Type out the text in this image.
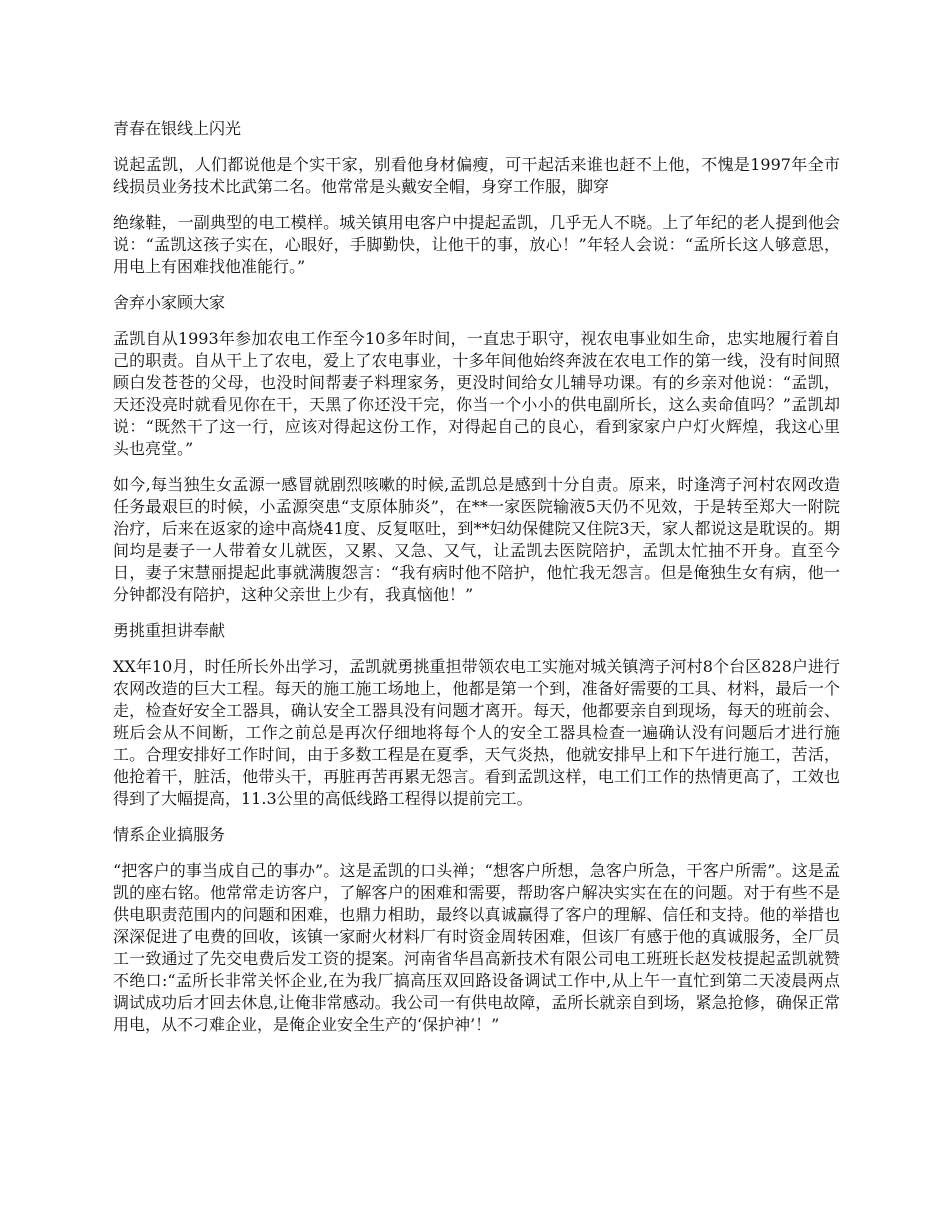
青春在银线上闪光
说起孟凯，人们都说他是个实干家，别看他身材偏瘦，可干起活来谁也赶不上他，不愧是1997年全市线损员业务技术比武第二名。他常常是头戴安全帽，身穿工作服，脚穿
绝缘鞋，一副典型的电工模样。城关镇用电客户中提起孟凯，几乎无人不晓。上了年纪的老人提到他会说：“孟凯这孩子实在，心眼好，手脚勤快，让他干的事，放心！”年轻人会说：“孟所长这人够意思，用电上有困难找他准能行。”
舍弃小家顾大家
孟凯自从1993年参加农电工作至今10多年时间，一直忠于职守，视农电事业如生命，忠实地履行着自己的职责。自从干上了农电，爱上了农电事业，十多年间他始终奔波在农电工作的第一线，没有时间照顾白发苍苍的父母，也没时间帮妻子料理家务，更没时间给女儿辅导功课。有的乡亲对他说：“孟凯，天还没亮时就看见你在干，天黑了你还没干完，你当一个小小的供电副所长，这么卖命值吗？”孟凯却说：“既然干了这一行，应该对得起这份工作，对得起自己的良心，看到家家户户灯火辉煌，我这心里头也亮堂。”
如今,每当独生女孟源一感冒就剧烈咳嗽的时候,孟凯总是感到十分自责。原来，时逢湾子河村农网改造任务最艰巨的时候，小孟源突患“支原体肺炎”，在**一家医院输液5天仍不见效，于是转至郑大一附院治疗，后来在返家的途中高烧41度、反复呕吐，到**妇幼保健院又住院3天，家人都说这是耽误的。期间均是妻子一人带着女儿就医，又累、又急、又气，让孟凯去医院陪护，孟凯太忙抽不开身。直至今日，妻子宋慧丽提起此事就满腹怨言：“我有病时他不陪护，他忙我无怨言。但是俺独生女有病，他一分钟都没有陪护，这种父亲世上少有，我真恼他！”
勇挑重担讲奉献
XX年10月，时任所长外出学习，孟凯就勇挑重担带领农电工实施对城关镇湾子河村8个台区828户进行农网改造的巨大工程。每天的施工施工场地上，他都是第一个到，准备好需要的工具、材料，最后一个走，检查好安全工器具，确认安全工器具没有问题才离开。每天，他都要亲自到现场，每天的班前会、班后会从不间断，工作之前总是再次仔细地将每个人的安全工器具检查一遍确认没有问题后才进行施工。合理安排好工作时间，由于多数工程是在夏季，天气炎热，他就安排早上和下午进行施工，苦活，他抢着干，脏活，他带头干，再脏再苦再累无怨言。看到孟凯这样，电工们工作的热情更高了，工效也得到了大幅提高，11.3公里的高低线路工程得以提前完工。
情系企业搞服务
“把客户的事当成自己的事办”。这是孟凯的口头禅；“想客户所想，急客户所急，干客户所需”。这是孟凯的座右铭。他常常走访客户，了解客户的困难和需要，帮助客户解决实实在在的问题。对于有些不是供电职责范围内的问题和困难，也鼎力相助，最终以真诚赢得了客户的理解、信任和支持。他的举措也深深促进了电费的回收，该镇一家耐火材料厂有时资金周转困难，但该厂有感于他的真诚服务，全厂员工一致通过了先交电费后发工资的提案。河南省华昌高新技术有限公司电工班班长赵发枝提起孟凯就赞不绝口:“孟所长非常关怀企业,在为我厂搞高压双回路设备调试工作中,从上午一直忙到第二天凌晨两点调试成功后才回去休息,让俺非常感动。我公司一有供电故障，孟所长就亲自到场，紧急抢修，确保正常用电，从不刁难企业，是俺企业安全生产的‘保护神’！”
